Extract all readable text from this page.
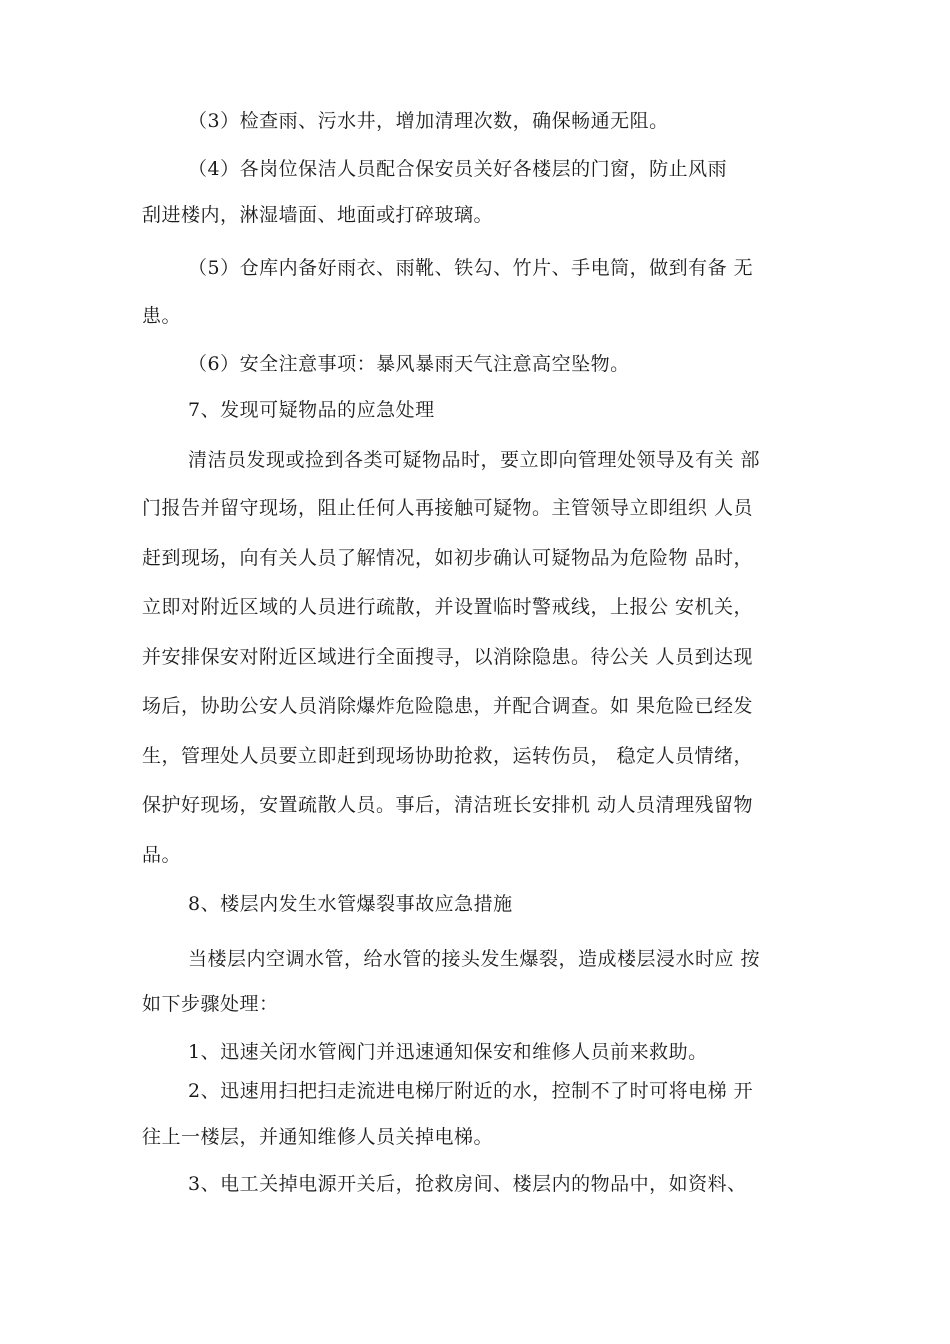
（3）检查雨、污水井，增加清理次数，确保畅通无阻。
（4）各岗位保洁人员配合保安员关好各楼层的门窗，防止风雨
刮进楼内，淋湿墙面、地面或打碎玻璃。
（5）仓库内备好雨衣、雨靴、铁勾、竹片、手电筒，做到有备 无
患。
（6）安全注意事项：暴风暴雨天气注意高空坠物。
7、发现可疑物品的应急处理
清洁员发现或捡到各类可疑物品时，要立即向管理处领导及有关 部
门报告并留守现场，阻止任何人再接触可疑物。主管领导立即组织 人员
赶到现场，向有关人员了解情况，如初步确认可疑物品为危险物 品时，
立即对附近区域的人员进行疏散，并设置临时警戒线，上报公 安机关，
并安排保安对附近区域进行全面搜寻，以消除隐患。待公关 人员到达现
场后，协助公安人员消除爆炸危险隐患，并配合调查。如 果危险已经发
生，管理处人员要立即赶到现场协助抢救，运转伤员， 稳定人员情绪，
保护好现场，安置疏散人员。事后，清洁班长安排机 动人员清理残留物
品。
8、楼层内发生水管爆裂事故应急措施
当楼层内空调水管，给水管的接头发生爆裂，造成楼层浸水时应 按
如下步骤处理：
1、迅速关闭水管阀门并迅速通知保安和维修人员前来救助。
2、迅速用扫把扫走流进电梯厅附近的水，控制不了时可将电梯 开
往上一楼层，并通知维修人员关掉电梯。
3、电工关掉电源开关后，抢救房间、楼层内的物品中，如资料、
